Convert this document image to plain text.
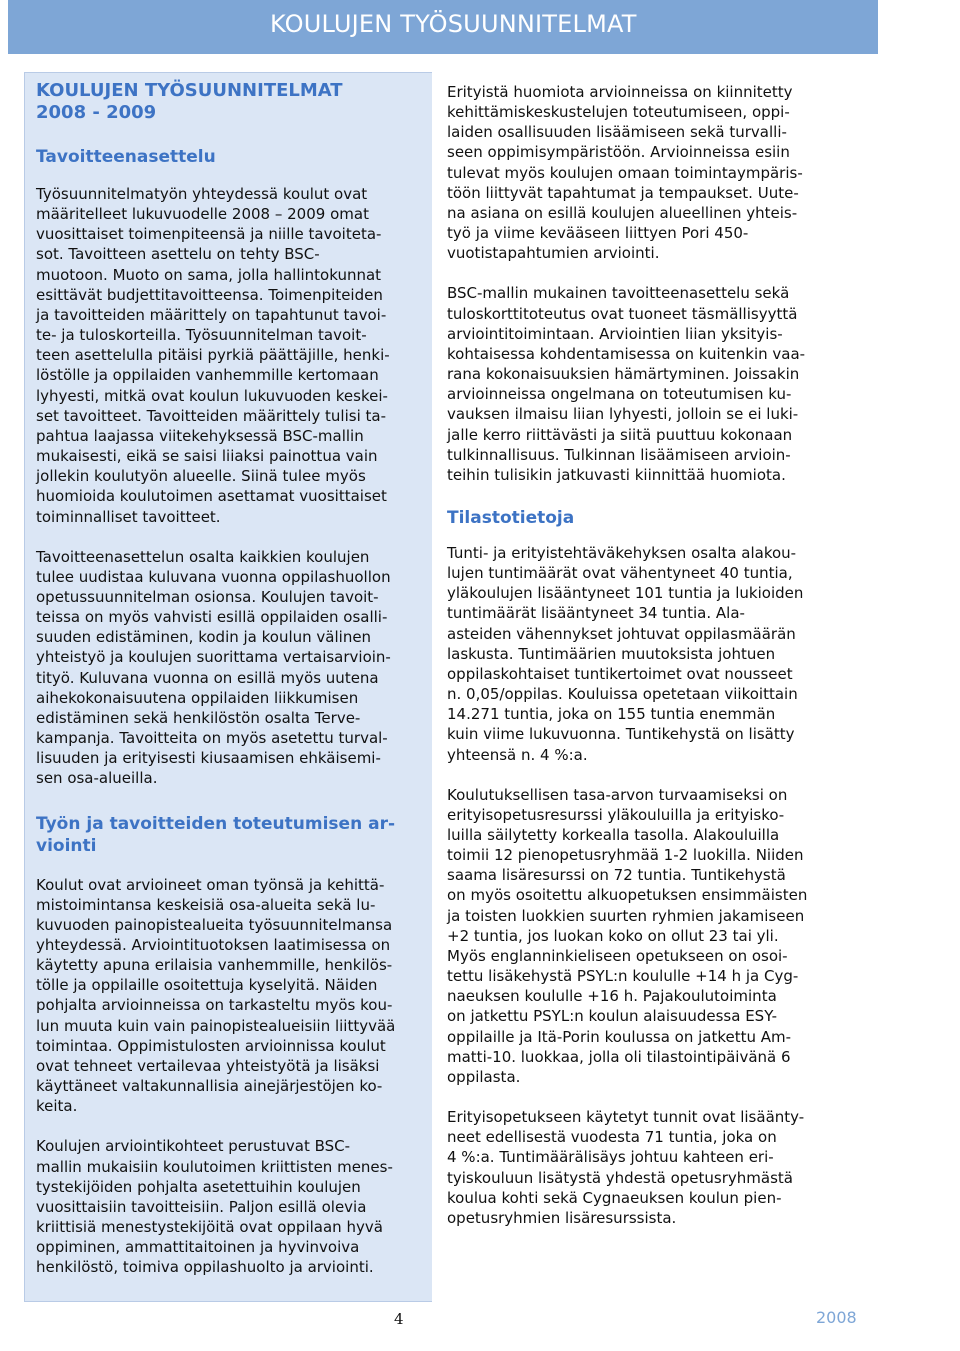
KOULUJEN TYÖSUUNNITELMAT

KOULUJEN TYÖSUUNNITELMAT
2008 - 2009

Tavoitteenasettelu

Työsuunnitelmatyön yhteydessä koulut ovat
määritelleet lukuvuodelle 2008 – 2009 omat
vuosittaiset toimenpiteensä ja niille tavoiteta-
sot. Tavoitteen asettelu on tehty BSC-
muotoon. Muoto on sama, jolla hallintokunnat
esittävät budjettitavoitteensa. Toimenpiteiden
ja tavoitteiden määrittely on tapahtunut tavoi-
te- ja tuloskorteilla. Työsuunnitelman tavoit-
teen asettelulla pitäisi pyrkiä päättäjille, henki-
löstölle ja oppilaiden vanhemmille kertomaan
lyhyesti, mitkä ovat koulun lukuvuoden keskei-
set tavoitteet. Tavoitteiden määrittely tulisi ta-
pahtua laajassa viitekehyksessä BSC-mallin
mukaisesti, eikä se saisi liiaksi painottua vain
jollekin koulutyön alueelle. Siinä tulee myös
huomioida koulutoimen asettamat vuosittaiset
toiminnalliset tavoitteet.

Tavoitteenasettelun osalta kaikkien koulujen
tulee uudistaa kuluvana vuonna oppilashuollon
opetussuunnitelman osionsa. Koulujen tavoit-
teissa on myös vahvisti esillä oppilaiden osalli-
suuden edistäminen, kodin ja koulun välinen
yhteistyö ja koulujen suorittama vertaisarvioin-
tityö. Kuluvana vuonna on esillä myös uutena
aihekokonaisuutena oppilaiden liikkumisen
edistäminen sekä henkilöstön osalta Terve-
kampanja. Tavoitteita on myös asetettu turval-
lisuuden ja erityisesti kiusaamisen ehkäisemi-
sen osa-alueilla.

Työn ja tavoitteiden toteutumisen ar-
viointi

Koulut ovat arvioineet oman työnsä ja kehittä-
mistoimintansa keskeisiä osa-alueita sekä lu-
kuvuoden painopistealueita työsuunnitelmansa
yhteydessä. Arviointituotoksen laatimisessa on
käytetty apuna erilaisia vanhemmille, henkilös-
tölle ja oppilaille osoitettuja kyselyitä. Näiden
pohjalta arvioinneissa on tarkasteltu myös kou-
lun muuta kuin vain painopistealueisiin liittyvää
toimintaa. Oppimistulosten arvioinnissa koulut
ovat tehneet vertailevaa yhteistyötä ja lisäksi
käyttäneet valtakunnallisia ainejärjestöjen ko-
keita.

Koulujen arviointikohteet perustuvat BSC-
mallin mukaisiin koulutoimen kriittisten menes-
tystekijöiden pohjalta asetettuihin koulujen
vuosittaisiin tavoitteisiin. Paljon esillä olevia
kriittisiä menestystekijöitä ovat oppilaan hyvä
oppiminen, ammattitaitoinen ja hyvinvoiva
henkilöstö, toimiva oppilashuolto ja arviointi.

Erityistä huomiota arvioinneissa on kiinnitetty
kehittämiskeskustelujen toteutumiseen, oppi-
laiden osallisuuden lisäämiseen sekä turvalli-
seen oppimisympäristöön. Arvioinneissa esiin
tulevat myös koulujen omaan toimintaympäris-
töön liittyvät tapahtumat ja tempaukset. Uute-
na asiana on esillä koulujen alueellinen yhteis-
työ ja viime kevääseen liittyen Pori 450-
vuotistapahtumien arviointi.

BSC-mallin mukainen tavoitteenasettelu sekä
tuloskorttitoteutus ovat tuoneet täsmällisyyttä
arviointitoimintaan. Arviointien liian yksityis-
kohtaisessa kohdentamisessa on kuitenkin vaa-
rana kokonaisuuksien hämärtyminen. Joissakin
arvioinneissa ongelmana on toteutumisen ku-
vauksen ilmaisu liian lyhyesti, jolloin se ei luki-
jalle kerro riittävästi ja siitä puuttuu kokonaan
tulkinnallisuus. Tulkinnan lisäämiseen arvioin-
teihin tulisikin jatkuvasti kiinnittää huomiota.

Tilastotietoja

Tunti- ja erityistehtäväkehyksen osalta alakou-
lujen tuntimäärät ovat vähentyneet 40 tuntia,
yläkoulujen lisääntyneet 101 tuntia ja lukioiden
tuntimäärät lisääntyneet 34 tuntia. Ala-
asteiden vähennykset johtuvat oppilasmäärän
laskusta. Tuntimäärien muutoksista johtuen
oppilaskohtaiset tuntikertoimet ovat nousseet
n. 0,05/oppilas. Kouluissa opetetaan viikoittain
14.271 tuntia, joka on 155 tuntia enemmän
kuin viime lukuvuonna. Tuntikehystä on lisätty
yhteensä n. 4 %:a.

Koulutuksellisen tasa-arvon turvaamiseksi on
erityisopetusresurssi yläkouluilla ja erityisko-
luilla säilytetty korkealla tasolla. Alakouluilla
toimii 12 pienopetusryhmää 1-2 luokilla. Niiden
saama lisäresurssi on 72 tuntia. Tuntikehystä
on myös osoitettu alkuopetuksen ensimmäisten
ja toisten luokkien suurten ryhmien jakamiseen
+2 tuntia, jos luokan koko on ollut 23 tai yli.
Myös englanninkieliseen opetukseen on osoi-
tettu lisäkehystä PSYL:n koululle +14 h ja Cyg-
naeuksen koululle +16 h. Pajakoulutoiminta
on jatkettu PSYL:n koulun alaisuudessa ESY-
oppilaille ja Itä-Porin koulussa on jatkettu Am-
matti-10. luokkaa, jolla oli tilastointipäivänä 6
oppilasta.

Erityisopetukseen käytetyt tunnit ovat lisäänty-
neet edellisestä vuodesta 71 tuntia, joka on
4 %:a. Tuntimäärälisäys johtuu kahteen eri-
tyiskouluun lisätystä yhdestä opetusryhmästä
koulua kohti sekä Cygnaeuksen koulun pien-
opetusryhmien lisäresurssista.

4	2008
